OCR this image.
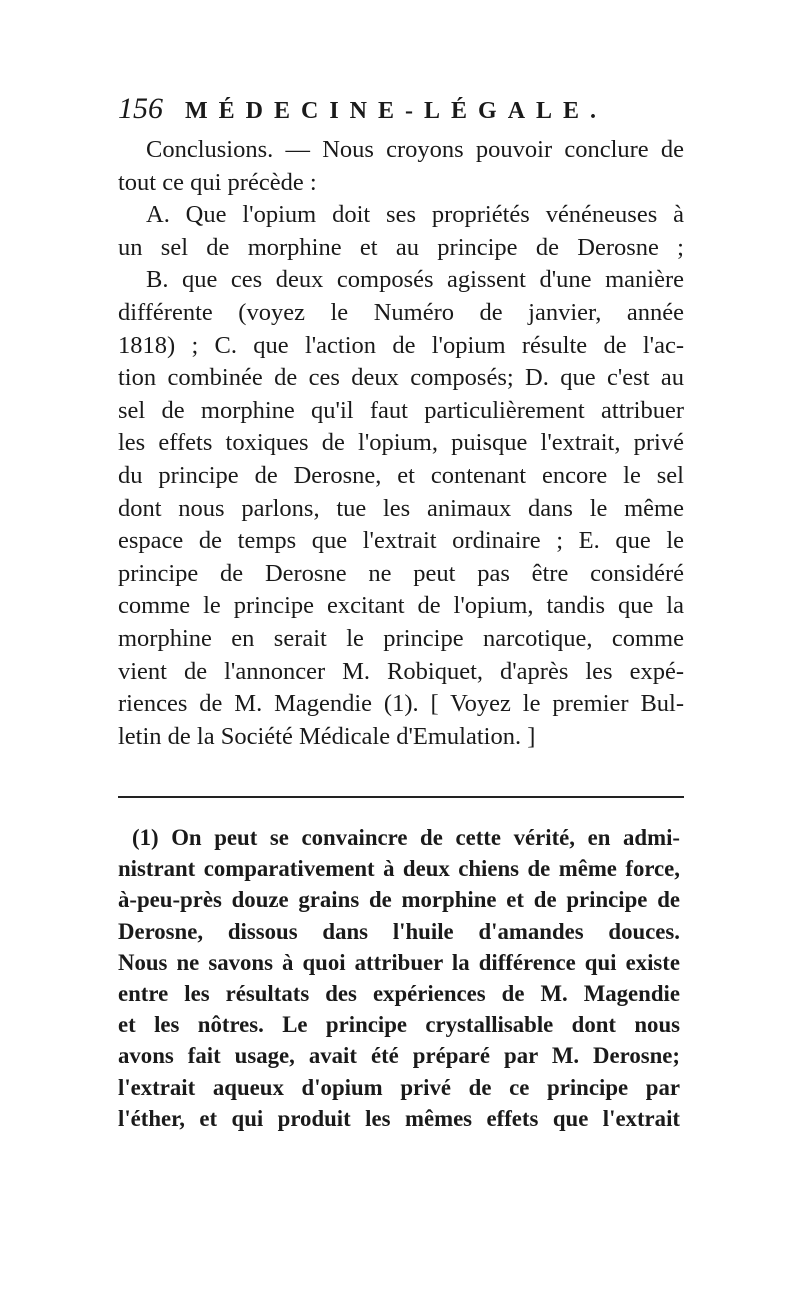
156 MÉDECINE-LÉGALE.
Conclusions. — Nous croyons pouvoir conclure de
tout ce qui précède :
A. Que l'opium doit ses propriétés vénéneuses à
un sel de morphine et au principe de Derosne ;
B. que ces deux composés agissent d'une manière
différente (voyez le Numéro de janvier, année
1818) ; C. que l'action de l'opium résulte de l'ac-
tion combinée de ces deux composés; D. que c'est au
sel de morphine qu'il faut particulièrement attribuer
les effets toxiques de l'opium, puisque l'extrait, privé
du principe de Derosne, et contenant encore le sel
dont nous parlons, tue les animaux dans le même
espace de temps que l'extrait ordinaire ; E. que le
principe de Derosne ne peut pas être considéré
comme le principe excitant de l'opium, tandis que la
morphine en serait le principe narcotique, comme
vient de l'annoncer M. Robiquet, d'après les expé-
riences de M. Magendie (1). [ Voyez le premier Bul-
letin de la Société Médicale d'Emulation. ]
(1) On peut se convaincre de cette vérité, en admi-
nistrant comparativement à deux chiens de même force,
à-peu-près douze grains de morphine et de principe de
Derosne, dissous dans l'huile d'amandes douces.
Nous ne savons à quoi attribuer la différence qui existe
entre les résultats des expériences de M. Magendie
et les nôtres. Le principe crystallisable dont nous
avons fait usage, avait été préparé par M. Derosne;
l'extrait aqueux d'opium privé de ce principe par
l'éther, et qui produit les mêmes effets que l'extrait
